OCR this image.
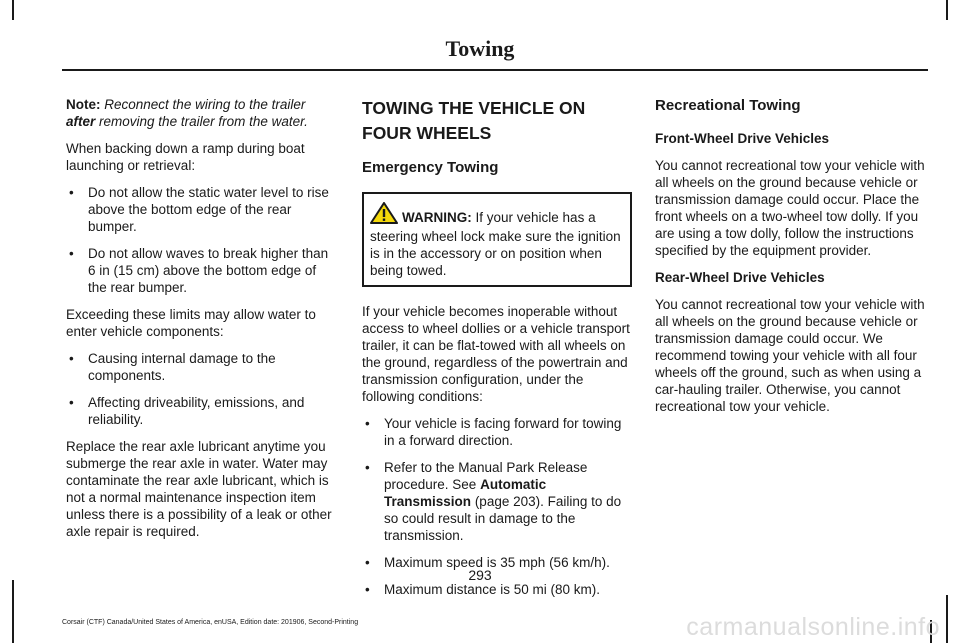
Towing

Note: Reconnect the wiring to the trailer after removing the trailer from the water.

When backing down a ramp during boat launching or retrieval:

• Do not allow the static water level to rise above the bottom edge of the rear bumper.
• Do not allow waves to break higher than 6 in (15 cm) above the bottom edge of the rear bumper.

Exceeding these limits may allow water to enter vehicle components:

• Causing internal damage to the components.
• Affecting driveability, emissions, and reliability.

Replace the rear axle lubricant anytime you submerge the rear axle in water. Water may contaminate the rear axle lubricant, which is not a normal maintenance inspection item unless there is a possibility of a leak or other axle repair is required.

TOWING THE VEHICLE ON FOUR WHEELS
Emergency Towing
WARNING: If your vehicle has a steering wheel lock make sure the ignition is in the accessory or on position when being towed.

If your vehicle becomes inoperable without access to wheel dollies or a vehicle transport trailer, it can be flat-towed with all wheels on the ground, regardless of the powertrain and transmission configuration, under the following conditions:

• Your vehicle is facing forward for towing in a forward direction.
• Refer to the Manual Park Release procedure. See Automatic Transmission (page 203). Failing to do so could result in damage to the transmission.
• Maximum speed is 35 mph (56 km/h).
• Maximum distance is 50 mi (80 km).
Recreational Towing
Front-Wheel Drive Vehicles

You cannot recreational tow your vehicle with all wheels on the ground because vehicle or transmission damage could occur. Place the front wheels on a two-wheel tow dolly. If you are using a tow dolly, follow the instructions specified by the equipment provider.

Rear-Wheel Drive Vehicles

You cannot recreational tow your vehicle with all wheels on the ground because vehicle or transmission damage could occur. We recommend towing your vehicle with all four wheels off the ground, such as when using a car-hauling trailer. Otherwise, you cannot recreational tow your vehicle.

293
Corsair (CTF) Canada/United States of America, enUSA, Edition date: 201906, Second-Printing	carmanualsonline.info
